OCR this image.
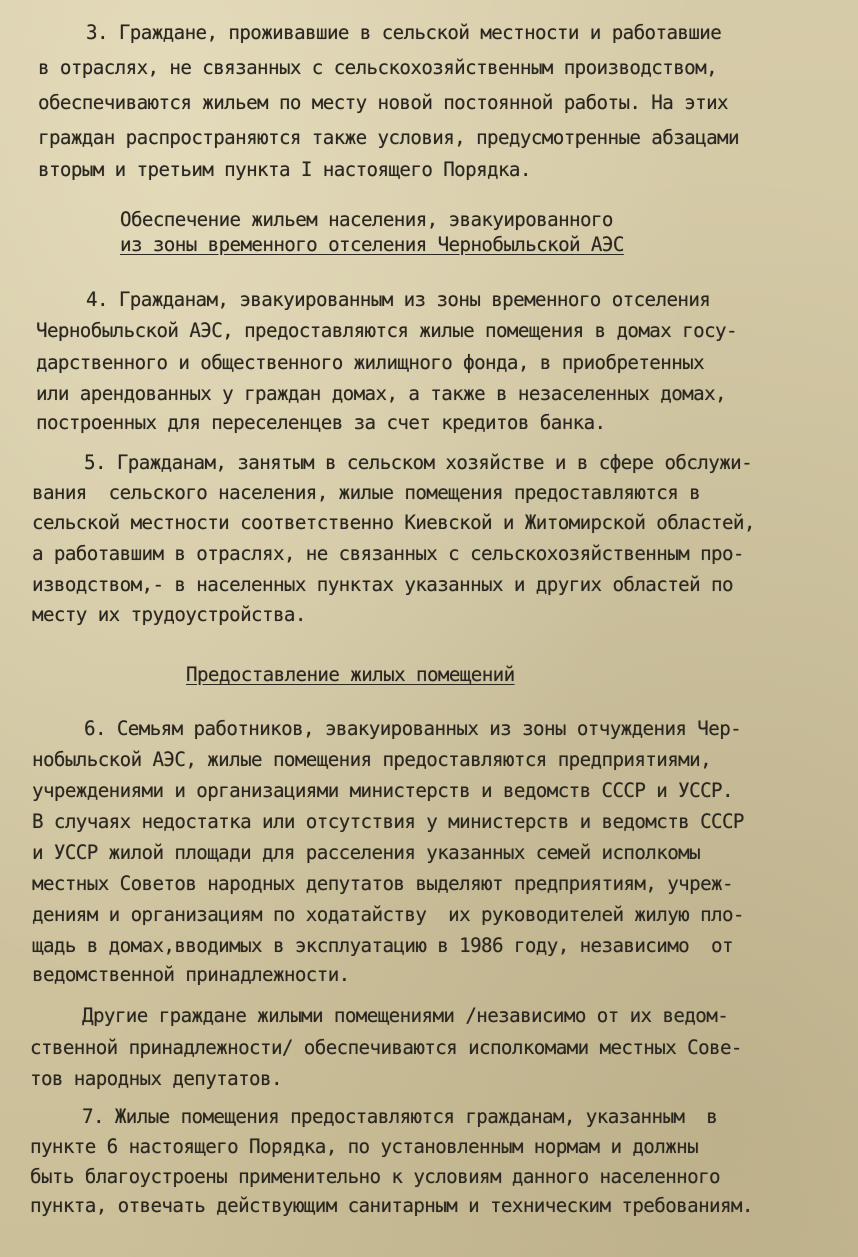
3. Граждане, проживавшие в сельской местности и работавшие
в отраслях, не связанных с сельскохозяйственным производством,
обеспечиваются жильем по месту новой постоянной работы. На этих
граждан распространяются также условия, предусмотренные абзацами
вторым и третьим пункта I настоящего Порядка.
Обеспечение жильем населения, эвакуированного
из зоны временного отселения Чернобыльской АЭС
4. Гражданам, эвакуированным из зоны временного отселения
Чернобыльской АЭС, предоставляются жилые помещения в домах госу-
дарственного и общественного жилищного фонда, в приобретенных
или арендованных у граждан домах, а также в незаселенных домах,
построенных для переселенцев за счет кредитов банка.
5. Гражданам, занятым в сельском хозяйстве и в сфере обслужи-
вания  сельского населения, жилые помещения предоставляются в
сельской местности соответственно Киевской и Житомирской областей,
а работавшим в отраслях, не связанных с сельскохозяйственным про-
изводством,- в населенных пунктах указанных и других областей по
месту их трудоустройства.
Предоставление жилых помещений
6. Семьям работников, эвакуированных из зоны отчуждения Чер-
нобыльской АЭС, жилые помещения предоставляются предприятиями,
учреждениями и организациями министерств и ведомств СССР и УССР.
В случаях недостатка или отсутствия у министерств и ведомств СССР
и УССР жилой площади для расселения указанных семей исполкомы
местных Советов народных депутатов выделяют предприятиям, учреж-
дениям и организациям по ходатайству  их руководителей жилую пло-
щадь в домах,вводимых в эксплуатацию в 1986 году, независимо  от
ведомственной принадлежности.
Другие граждане жилыми помещениями /независимо от их ведом-
ственной принадлежности/ обеспечиваются исполкомами местных Сове-
тов народных депутатов.
7. Жилые помещения предоставляются гражданам, указанным  в
пункте 6 настоящего Порядка, по установленным нормам и должны
быть благоустроены применительно к условиям данного населенного
пункта, отвечать действующим санитарным и техническим требованиям.
